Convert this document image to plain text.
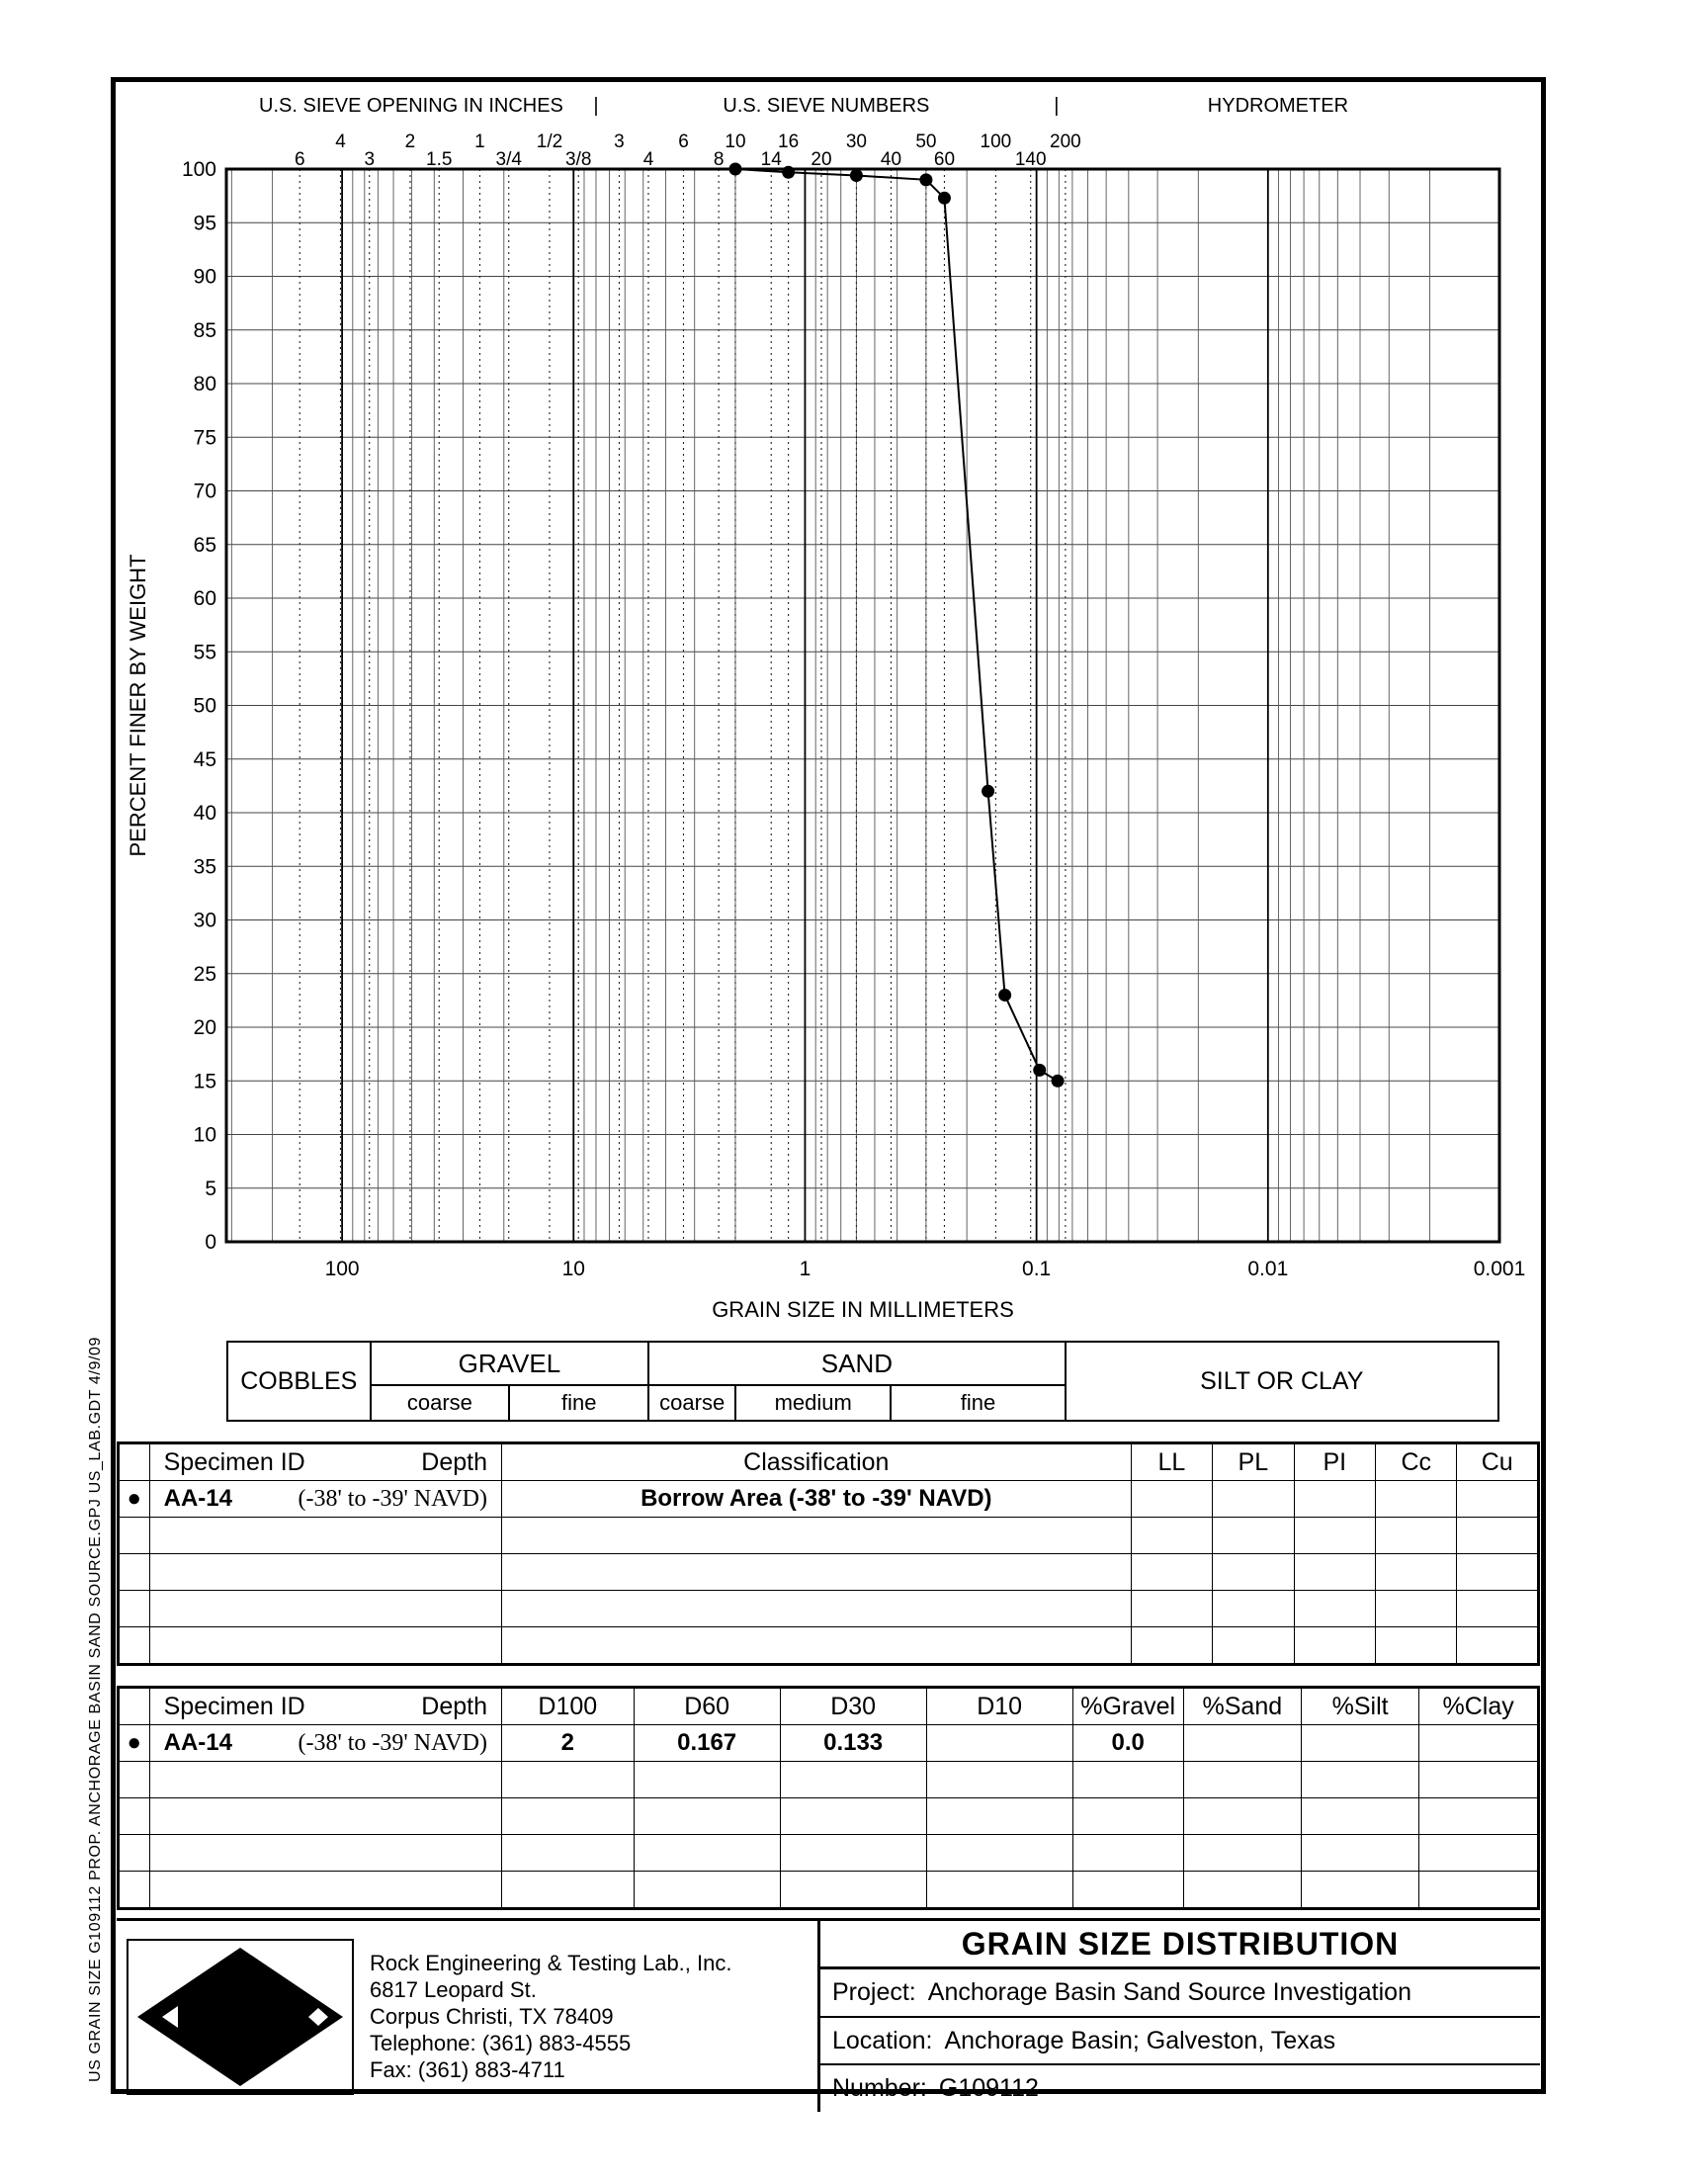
US GRAIN SIZE G109112 PROP. ANCHORAGE BASIN SAND SOURCE.GPJ US_LAB.GDT 4/9/09
0
5
10
15
20
25
30
35
40
45
50
55
60
65
70
75
80
85
90
95
100	6
4
3
2
1.5
1
3/4
1/2
3/8
3
4
6
8
10
14
16
20
30
40
50
60
100
140
200
U.S. SIEVE OPENING IN INCHES |	U.S. SIEVE NUMBERS	|	HYDROMETER
100	10	1	0.1	0.01	0.001
PERCENT FINER BY WEIGHT
GRAIN SIZE IN MILLIMETERS
COBBLES	GRAVEL		SAND			SILT OR CLAY
	coarse	fine	coarse	medium	fine	

	Specimen ID Depth	Classification	LL	PL	PI	Cc	Cu
●	AA-14 (-38' to -39' NAVD)	Borrow Area (-38' to -39' NAVD)					

	Specimen ID Depth	D100	D60	D30	D10	%Gravel	%Sand	%Silt	%Clay
●	AA-14 (-38' to -39' NAVD)	2	0.167	0.133		0.0			

ROCK
Rock Engineering & Testing Lab., Inc.
6817 Leopard St.
Corpus Christi, TX 78409
Telephone: (361) 883-4555
Fax: (361) 883-4711
GRAIN SIZE DISTRIBUTION
Project: Anchorage Basin Sand Source Investigation
Location: Anchorage Basin; Galveston, Texas
Number: G109112
